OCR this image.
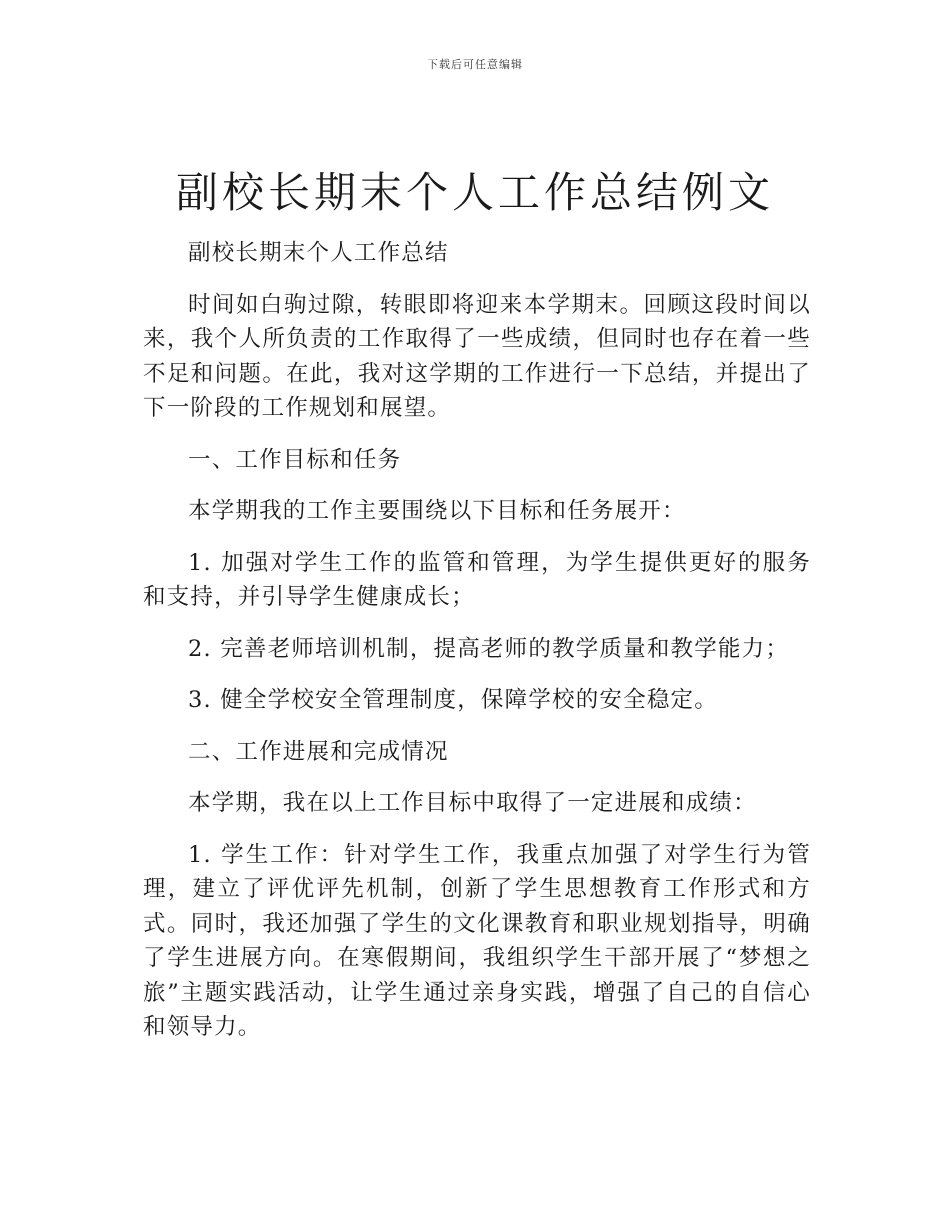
下载后可任意编辑
副校长期末个人工作总结例文

副校长期末个人工作总结

时间如白驹过隙，转眼即将迎来本学期末。回顾这段时间以来，我个人所负责的工作取得了一些成绩，但同时也存在着一些不足和问题。在此，我对这学期的工作进行一下总结，并提出了下一阶段的工作规划和展望。

一、工作目标和任务

本学期我的工作主要围绕以下目标和任务展开：

1. 加强对学生工作的监管和管理，为学生提供更好的服务和支持，并引导学生健康成长；

2. 完善老师培训机制，提高老师的教学质量和教学能力；

3. 健全学校安全管理制度，保障学校的安全稳定。

二、工作进展和完成情况

本学期，我在以上工作目标中取得了一定进展和成绩：

1. 学生工作：针对学生工作，我重点加强了对学生行为管理，建立了评优评先机制，创新了学生思想教育工作形式和方式。同时，我还加强了学生的文化课教育和职业规划指导，明确了学生进展方向。在寒假期间，我组织学生干部开展了“梦想之旅”主题实践活动，让学生通过亲身实践，增强了自己的自信心和领导力。
